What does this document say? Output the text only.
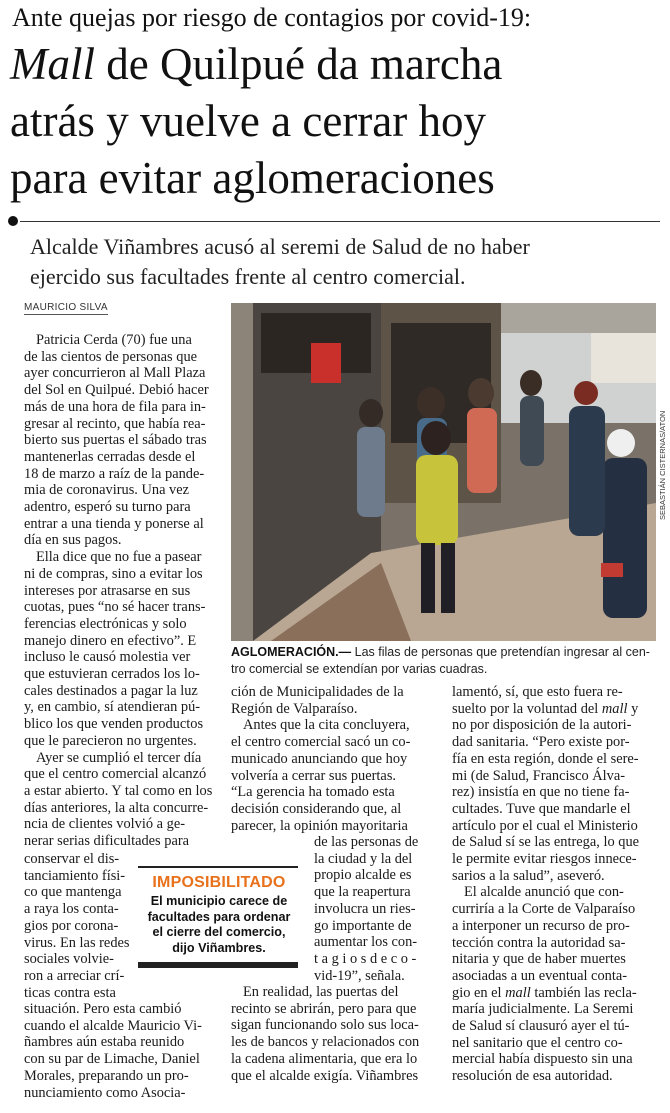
Ante quejas por riesgo de contagios por covid-19:
Mall de Quilpué da marcha
atrás y vuelve a cerrar hoy
para evitar aglomeraciones
Alcalde Viñambres acusó al seremi de Salud de no haber
ejercido sus facultades frente al centro comercial.
MAURICIO SILVA
Patricia Cerda (70) fue una
de las cientos de personas que
ayer concurrieron al Mall Plaza
del Sol en Quilpué. Debió hacer
más de una hora de fila para in-
gresar al recinto, que había rea-
bierto sus puertas el sábado tras
mantenerlas cerradas desde el
18 de marzo a raíz de la pande-
mia de coronavirus. Una vez
adentro, esperó su turno para
entrar a una tienda y ponerse al
día en sus pagos.
Ella dice que no fue a pasear
ni de compras, sino a evitar los
intereses por atrasarse en sus
cuotas, pues “no sé hacer trans-
ferencias electrónicas y solo
manejo dinero en efectivo”. E
incluso le causó molestia ver
que estuvieran cerrados los lo-
cales destinados a pagar la luz
y, en cambio, sí atendieran pú-
blico los que venden productos
que le parecieron no urgentes.
Ayer se cumplió el tercer día
que el centro comercial alcanzó
a estar abierto. Y tal como en los
días anteriores, la alta concurre-
ncia de clientes volvió a ge-
nerar serias dificultades para
conservar el dis-
tanciamiento físi-
co que mantenga
a raya los conta-
gios por corona-
virus. En las redes
sociales volvie-
ron a arreciar crí-
ticas contra esta
situación. Pero esta cambió
cuando el alcalde Mauricio Vi-
ñambres aún estaba reunido
con su par de Limache, Daniel
Morales, preparando un pro-
nunciamiento como Asocia-
ción de Municipalidades de la
Región de Valparaíso.
Antes que la cita concluyera,
el centro comercial sacó un co-
municado anunciando que hoy
volvería a cerrar sus puertas.
“La gerencia ha tomado esta
decisión considerando que, al
parecer, la opinión mayoritaria
de las personas de
la ciudad y la del
propio alcalde es
que la reapertura
involucra un ries-
go importante de
aumentar los con-
t a g i o s d e c o -
vid-19”, señala.
En realidad, las puertas del
recinto se abrirán, pero para que
sigan funcionando solo sus loca-
les de bancos y relacionados con
la cadena alimentaria, que era lo
que el alcalde exigía. Viñambres
lamentó, sí, que esto fuera re-
suelto por la voluntad del mall y
no por disposición de la autori-
dad sanitaria. “Pero existe por-
fía en esta región, donde el sere-
mi (de Salud, Francisco Álva-
rez) insistía en que no tiene fa-
cultades. Tuve que mandarle el
artículo por el cual el Ministerio
de Salud sí se las entrega, lo que
le permite evitar riesgos innece-
sarios a la salud”, aseveró.
El alcalde anunció que con-
curriría a la Corte de Valparaíso
a interponer un recurso de pro-
tección contra la autoridad sa-
nitaria y que de haber muertes
asociadas a un eventual conta-
gio en el mall también las recla-
maría judicialmente. La Seremi
de Salud sí clausuró ayer el tú-
nel sanitario que el centro co-
mercial había dispuesto sin una
resolución de esa autoridad.
SEBASTIÁN CISTERNAS/ATON
AGLOMERACIÓN.— Las filas de personas que pretendían ingresar al cen-
tro comercial se extendían por varias cuadras.
IMPOSIBILITADO
El municipio carece de
facultades para ordenar
el cierre del comercio,
dijo Viñambres.
